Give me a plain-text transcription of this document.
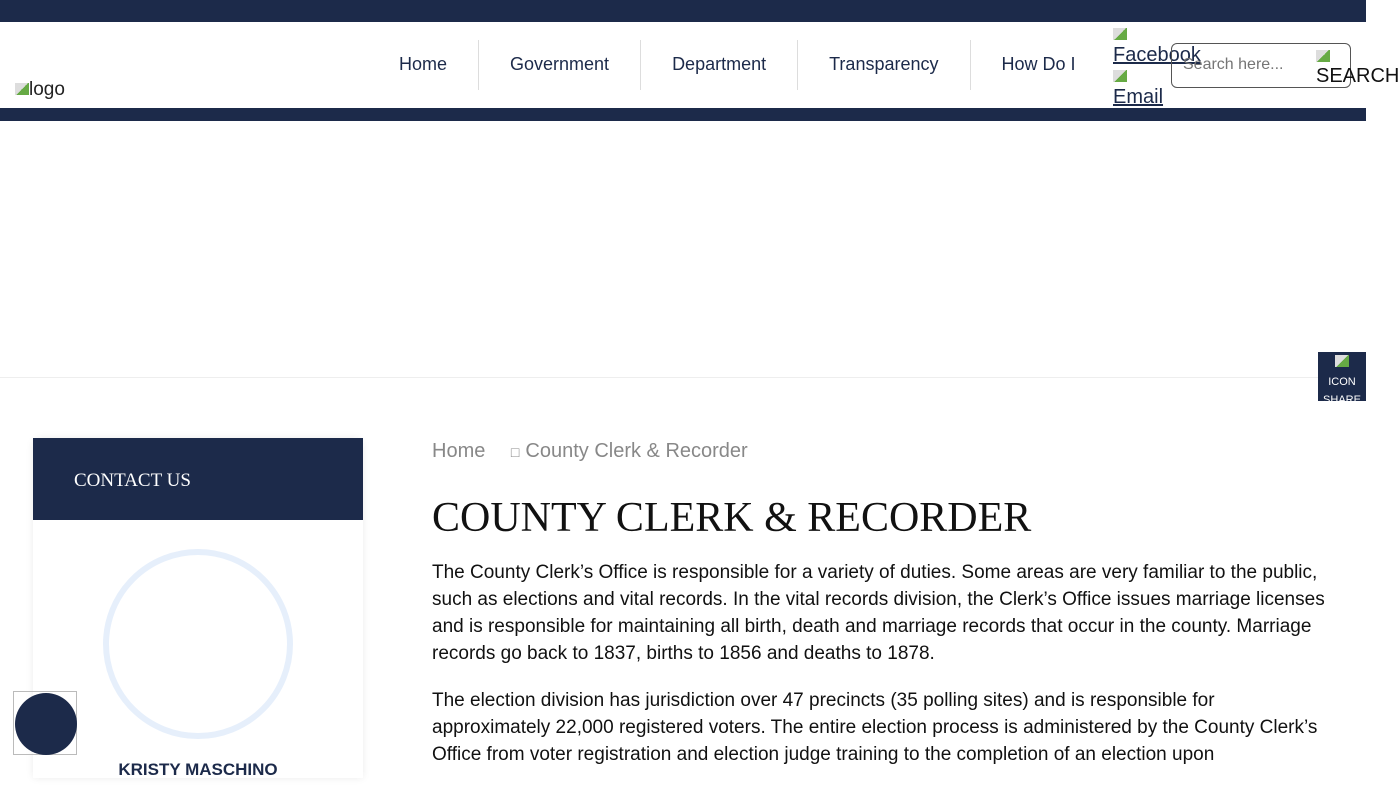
logo
Home	Government	Department	Transparency	How Do I	Facebook
Email
Search here...

SEARCH

ICON
SHARE
CONTACT US
KRISTY MASCHINO
Home □ County Clerk & Recorder
COUNTY CLERK & RECORDER

The County Clerk’s Office is responsible for a variety of duties. Some areas are very familiar to the public, such as elections and vital records. In the vital records division, the Clerk’s Office issues marriage licenses and is responsible for maintaining all birth, death and marriage records that occur in the county. Marriage records go back to 1837, births to 1856 and deaths to 1878.

The election division has jurisdiction over 47 precincts (35 polling sites) and is responsible for approximately 22,000 registered voters. The entire election process is administered by the County Clerk’s Office from voter registration and election judge training to the completion of an election upon
